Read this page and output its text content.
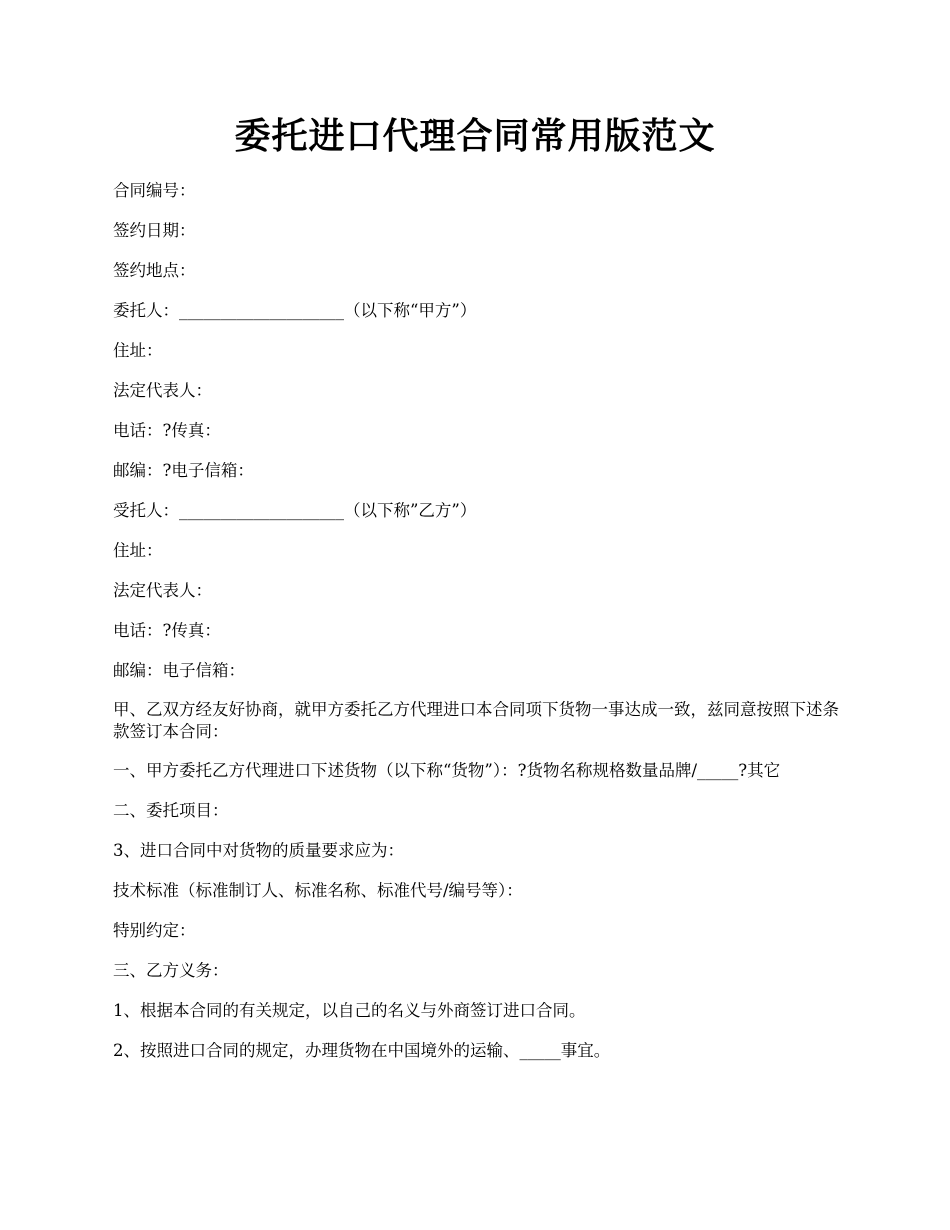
委托进口代理合同常用版范文

合同编号：

签约日期：

签约地点：

委托人：____________________（以下称“甲方”）

住址：

法定代表人：

电话：?传真：

邮编：?电子信箱：

受托人：____________________（以下称”乙方”）

住址：

法定代表人：

电话：?传真：

邮编：电子信箱：

甲、乙双方经友好协商，就甲方委托乙方代理进口本合同项下货物一事达成一致，兹同意按照下述条款签订本合同：

一、甲方委托乙方代理进口下述货物（以下称“货物”）：?货物名称规格数量品牌/_____?其它

二、委托项目：

3、进口合同中对货物的质量要求应为：

技术标准（标准制订人、标准名称、标准代号/编号等）：

特别约定：

三、乙方义务：

1、根据本合同的有关规定，以自己的名义与外商签订进口合同。

2、按照进口合同的规定，办理货物在中国境外的运输、_____事宜。
